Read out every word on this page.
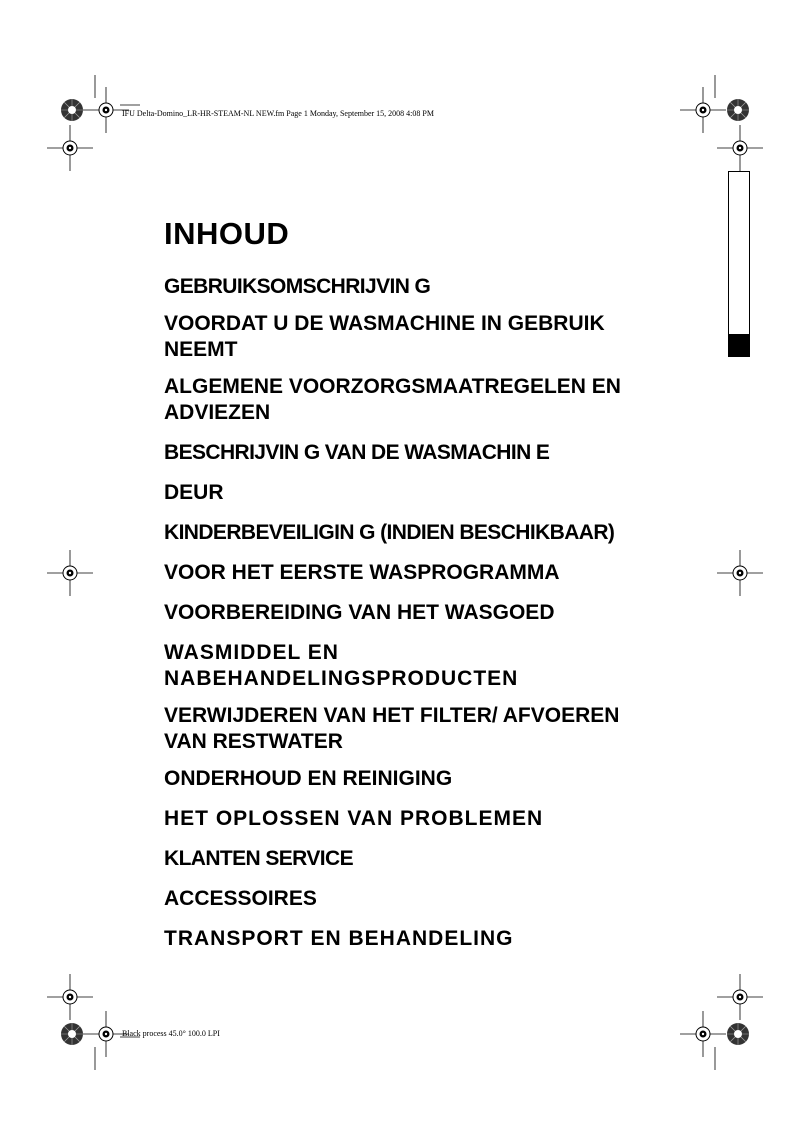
IFU Delta-Domino_LR-HR-STEAM-NL NEW.fm Page 1 Monday, September 15, 2008 4:08 PM
INHOUD
GEBRUIKSOMSCHRIJVIN G
VOORDAT U DE WASMACHINE IN GEBRUIK
NEEMT
ALGEMENE VOORZORGSMAATREGELEN EN
ADVIEZEN
BESCHRIJVIN G VAN DE WASMACHIN E
DEUR
KINDERBEVEILIGIN G (INDIEN BESCHIKBAAR)
VOOR HET EERSTE WASPROGRAMMA
VOORBEREIDING VAN HET WASGOED
WASMIDDEL EN
NABEHANDELINGSPRODUCTEN
VERWIJDEREN VAN HET FILTER/ AFVOEREN
VAN RESTWATER
ONDERHOUD EN REINIGING
HET OPLOSSEN VAN PROBLEMEN
KLANTEN SERVICE
ACCESSOIRES
TRANSPORT EN BEHANDELING
Black process 45.0° 100.0 LPI
